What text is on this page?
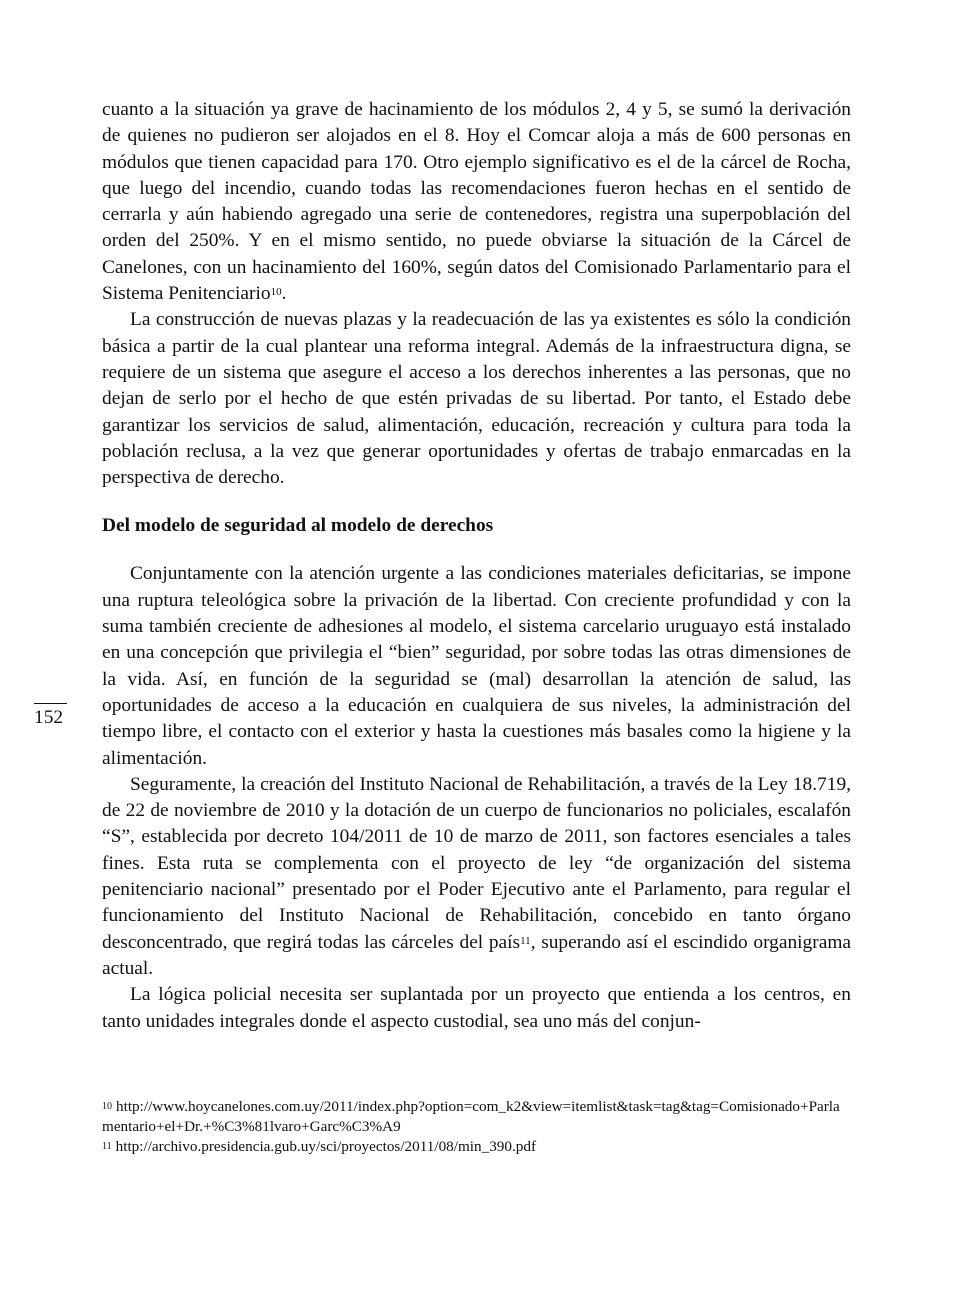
cuanto a la situación ya grave de hacinamiento de los módulos 2, 4 y 5, se sumó la derivación de quienes no pudieron ser alojados en el 8. Hoy el Comcar aloja a más de 600 personas en módulos que tienen capacidad para 170. Otro ejemplo significativo es el de la cárcel de Rocha, que luego del incendio, cuando todas las recomendaciones fueron hechas en el sentido de cerrarla y aún habiendo agregado una serie de contenedores, registra una superpoblación del orden del 250%. Y en el mismo sentido, no puede obviarse la situación de la Cárcel de Canelones, con un hacinamiento del 160%, según datos del Comisionado Parlamentario para el Sistema Penitenciario$^{10}$.

La construcción de nuevas plazas y la readecuación de las ya existentes es sólo la condición básica a partir de la cual plantear una reforma integral. Además de la infraestructura digna, se requiere de un sistema que asegure el acceso a los derechos inherentes a las personas, que no dejan de serlo por el hecho de que estén privadas de su libertad. Por tanto, el Estado debe garantizar los servicios de salud, alimentación, educación, recreación y cultura para toda la población reclusa, a la vez que generar oportunidades y ofertas de trabajo enmarcadas en la perspectiva de derecho.

Del modelo de seguridad al modelo de derechos

Conjuntamente con la atención urgente a las condiciones materiales deficitarias, se impone una ruptura teleológica sobre la privación de la libertad. Con creciente profundidad y con la suma también creciente de adhesiones al modelo, el sistema carcelario uruguayo está instalado en una concepción que privilegia el “bien” seguridad, por sobre todas las otras dimensiones de la vida. Así, en función de la seguridad se (mal) desarrollan la atención de salud, las oportunidades de acceso a la educación en cualquiera de sus niveles, la administración del tiempo libre, el contacto con el exterior y hasta la cuestiones más basales como la higiene y la alimentación.

Seguramente, la creación del Instituto Nacional de Rehabilitación, a través de la Ley 18.719, de 22 de noviembre de 2010 y la dotación de un cuerpo de funcionarios no policiales, escalafón “S”, establecida por decreto 104/2011 de 10 de marzo de 2011, son factores esenciales a tales fines. Esta ruta se complementa con el proyecto de ley “de organización del sistema penitenciario nacional” presentado por el Poder Ejecutivo ante el Parlamento, para regular el funcionamiento del Instituto Nacional de Rehabilitación, concebido en tanto órgano desconcentrado, que regirá todas las cárceles del país$^{11}$, superando así el escindido organigrama actual.

La lógica policial necesita ser suplantada por un proyecto que entienda a los centros, en tanto unidades integrales donde el aspecto custodial, sea uno más del conjun-

152

$^{10}$ http://www.hoycanelones.com.uy/2011/index.php?option=com_k2&view=itemlist&task=tag&tag=Comisionado+Parlamentario+el+Dr.+%C3%81lvaro+Garc%C3%A9

$^{11}$ http://archivo.presidencia.gub.uy/sci/proyectos/2011/08/min_390.pdf
